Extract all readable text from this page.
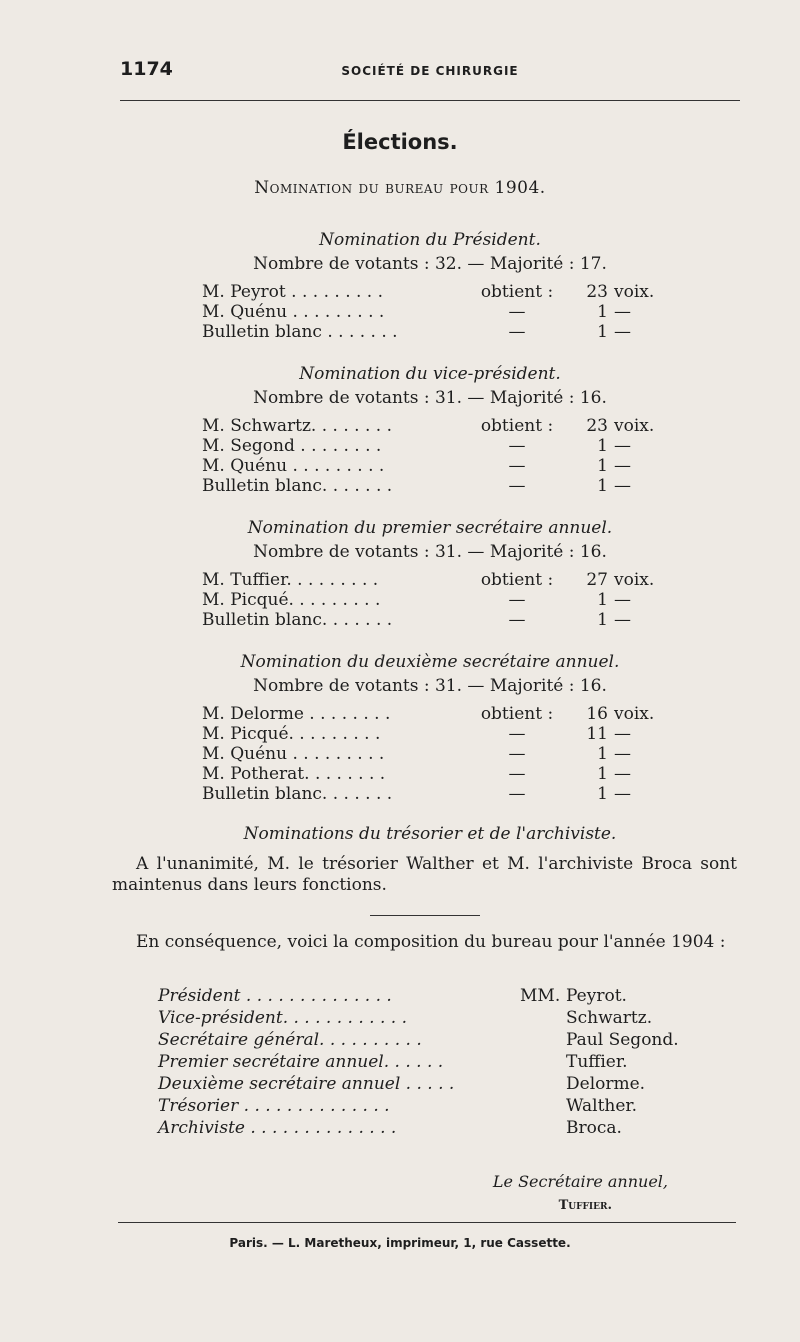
1174	SOCIÉTÉ DE CHIRURGIE
Élections.
Nomination du bureau pour 1904.
Nomination du Président.
Nombre de votants : 32. — Majorité : 17.
M. Peyrot . . . . . . . . .	obtient :	23 voix.
M. Quénu . . . . . . . . .	—	1 —
Bulletin blanc . . . . . . .	—	1 —
Nomination du vice-président.
Nombre de votants : 31. — Majorité : 16.
M. Schwartz. . . . . . . .	obtient :	23 voix.
M. Segond . . . . . . . .	—	1 —
M. Quénu . . . . . . . . .	—	1 —
Bulletin blanc. . . . . . .	—	1 —
Nomination du premier secrétaire annuel.
Nombre de votants : 31. — Majorité : 16.
M. Tuffier. . . . . . . . .	obtient :	27 voix.
M. Picqué. . . . . . . . .	—	1 —
Bulletin blanc. . . . . . .	—	1 —
Nomination du deuxième secrétaire annuel.
Nombre de votants : 31. — Majorité : 16.
M. Delorme . . . . . . . .	obtient :	16 voix.
M. Picqué. . . . . . . . .	—	11 —
M. Quénu . . . . . . . . .	—	1 —
M. Potherat. . . . . . . .	—	1 —
Bulletin blanc. . . . . . .	—	1 —
Nominations du trésorier et de l'archiviste.

A l'unanimité, M. le trésorier Walther et M. l'archiviste Broca sont maintenus dans leurs fonctions.

En conséquence, voici la composition du bureau pour l'année 1904 :

Président . . . . . . . . . . . . . .	MM. Peyrot.
Vice-président. . . . . . . . . . . .	Schwartz.
Secrétaire général. . . . . . . . . .	Paul Segond.
Premier secrétaire annuel. . . . . .	Tuffier.
Deuxième secrétaire annuel . . . . .	Delorme.
Trésorier . . . . . . . . . . . . . .	Walther.
Archiviste . . . . . . . . . . . . . .	Broca.
Le Secrétaire annuel,
Tuffier.
Paris. — L. Maretheux, imprimeur, 1, rue Cassette.
